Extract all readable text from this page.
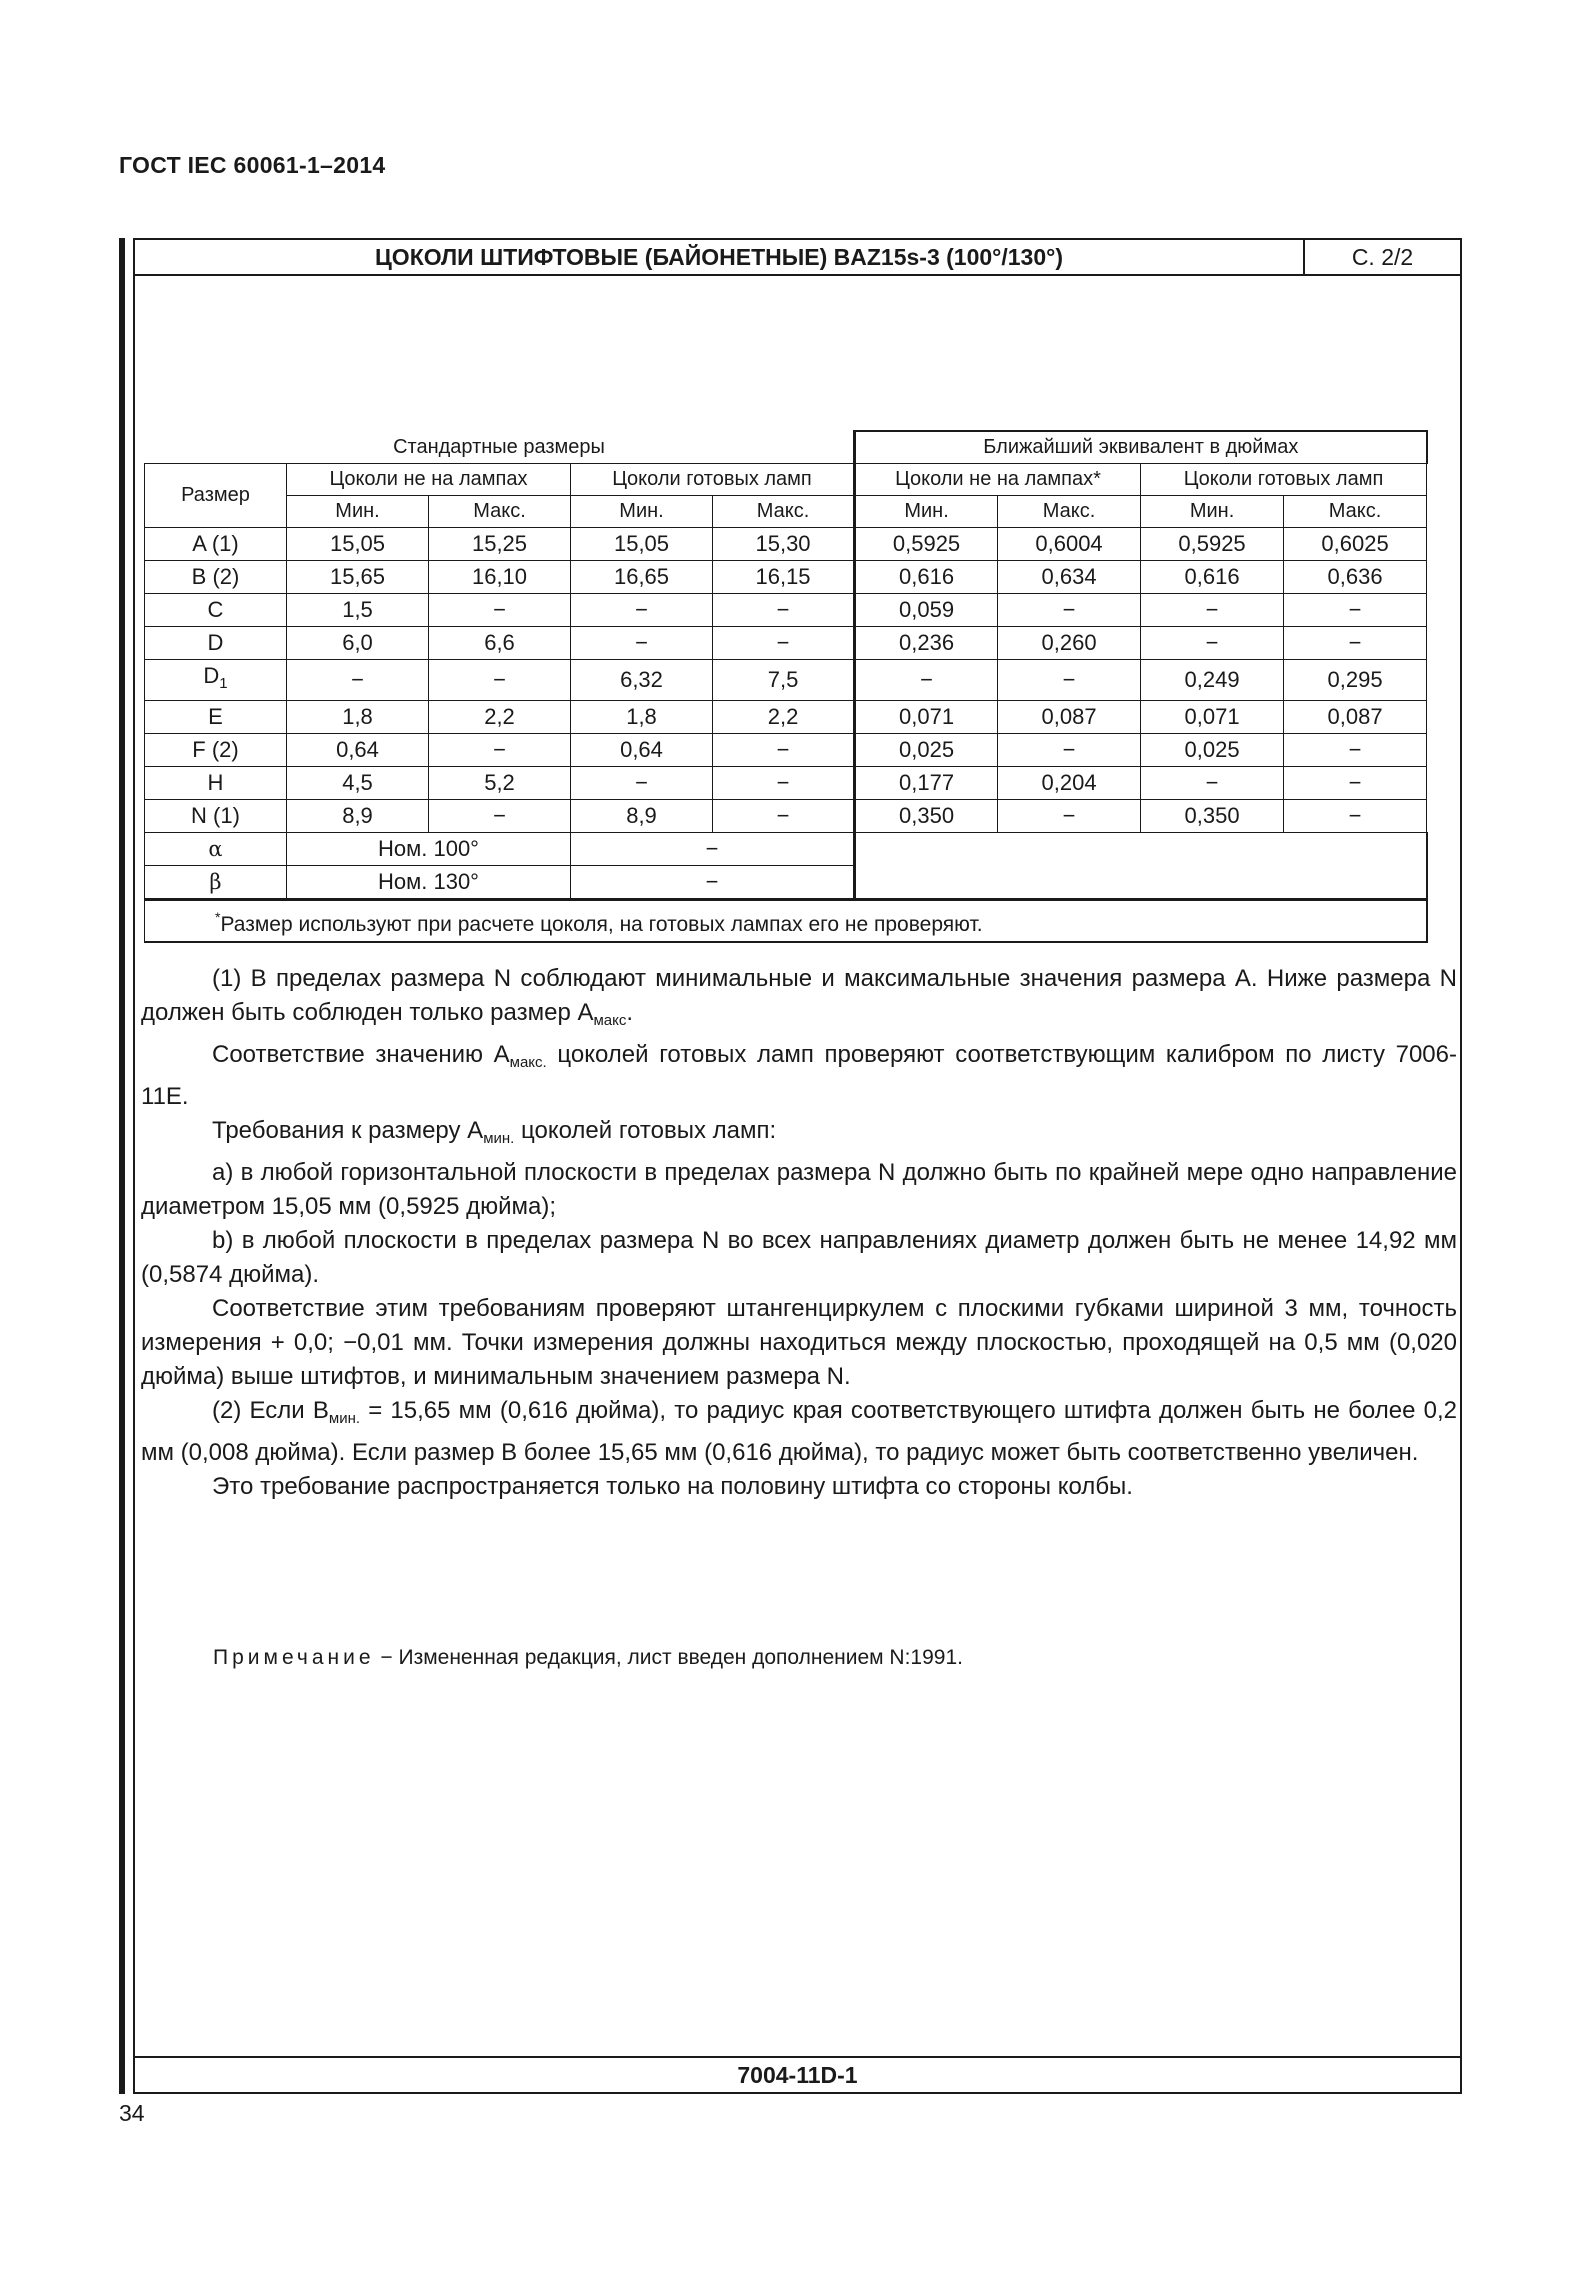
ГОСТ IEC 60061-1–2014
ЦОКОЛИ ШТИФТОВЫЕ (БАЙОНЕТНЫЕ) BAZ15s-3 (100°/130°)	С. 2/2
Стандартные размеры					Ближайший эквивалент в дюймах			
Размер	Цоколи не на лампах		Цоколи готовых ламп		Цоколи не на лампах*		Цоколи готовых ламп	
	Мин.	Макс.	Мин.	Макс.	Мин.	Макс.	Мин.	Макс.
A (1)	15,05	15,25	15,05	15,30	0,5925	0,6004	0,5925	0,6025
B (2)	15,65	16,10	16,65	16,15	0,616	0,634	0,616	0,636
C	1,5	−	−	−	0,059	−	−	−
D	6,0	6,6	−	−	0,236	0,260	−	−
$D_1$	−	−	6,32	7,5	−	−	0,249	0,295
E	1,8	2,2	1,8	2,2	0,071	0,087	0,071	0,087
F (2)	0,64	−	0,64	−	0,025	−	0,025	−
H	4,5	5,2	−	−	0,177	0,204	−	−
N (1)	8,9	−	8,9	−	0,350	−	0,350	−
α	Ном. 100°		−					
β	Ном. 130°		−					
*Размер используют при расчете цоколя, на готовых лампах его не проверяют.								
7004-11D-1

(1) В пределах размера N соблюдают минимальные и максимальные значения размера А. Ниже размера N должен быть соблюден только размер $А_{макс}$.

Соответствие значению $А_{макс.}$ цоколей готовых ламп проверяют соответствующим калибром по листу 7006-11Е.

Требования к размеру $А_{мин.}$ цоколей готовых ламп:

а) в любой горизонтальной плоскости в пределах размера N должно быть по крайней мере одно направление диаметром 15,05 мм (0,5925 дюйма);

b) в любой плоскости в пределах размера N во всех направлениях диаметр должен быть не менее 14,92 мм (0,5874 дюйма).

Соответствие этим требованиям проверяют штангенциркулем с плоскими губками шириной 3 мм, точность измерения + 0,0; −0,01 мм. Точки измерения должны находиться между плоскостью, проходящей на 0,5 мм (0,020 дюйма) выше штифтов, и минимальным значением размера N.

(2) Если $В_{мин.} = 15,65$ мм (0,616 дюйма), то радиус края соответствующего штифта должен быть не более 0,2 мм (0,008 дюйма). Если размер В более 15,65 мм (0,616 дюйма), то радиус может быть соответственно увеличен.

Это требование распространяется только на половину штифта со стороны колбы.

Примечание − Измененная редакция, лист введен дополнением N:1991.
34
